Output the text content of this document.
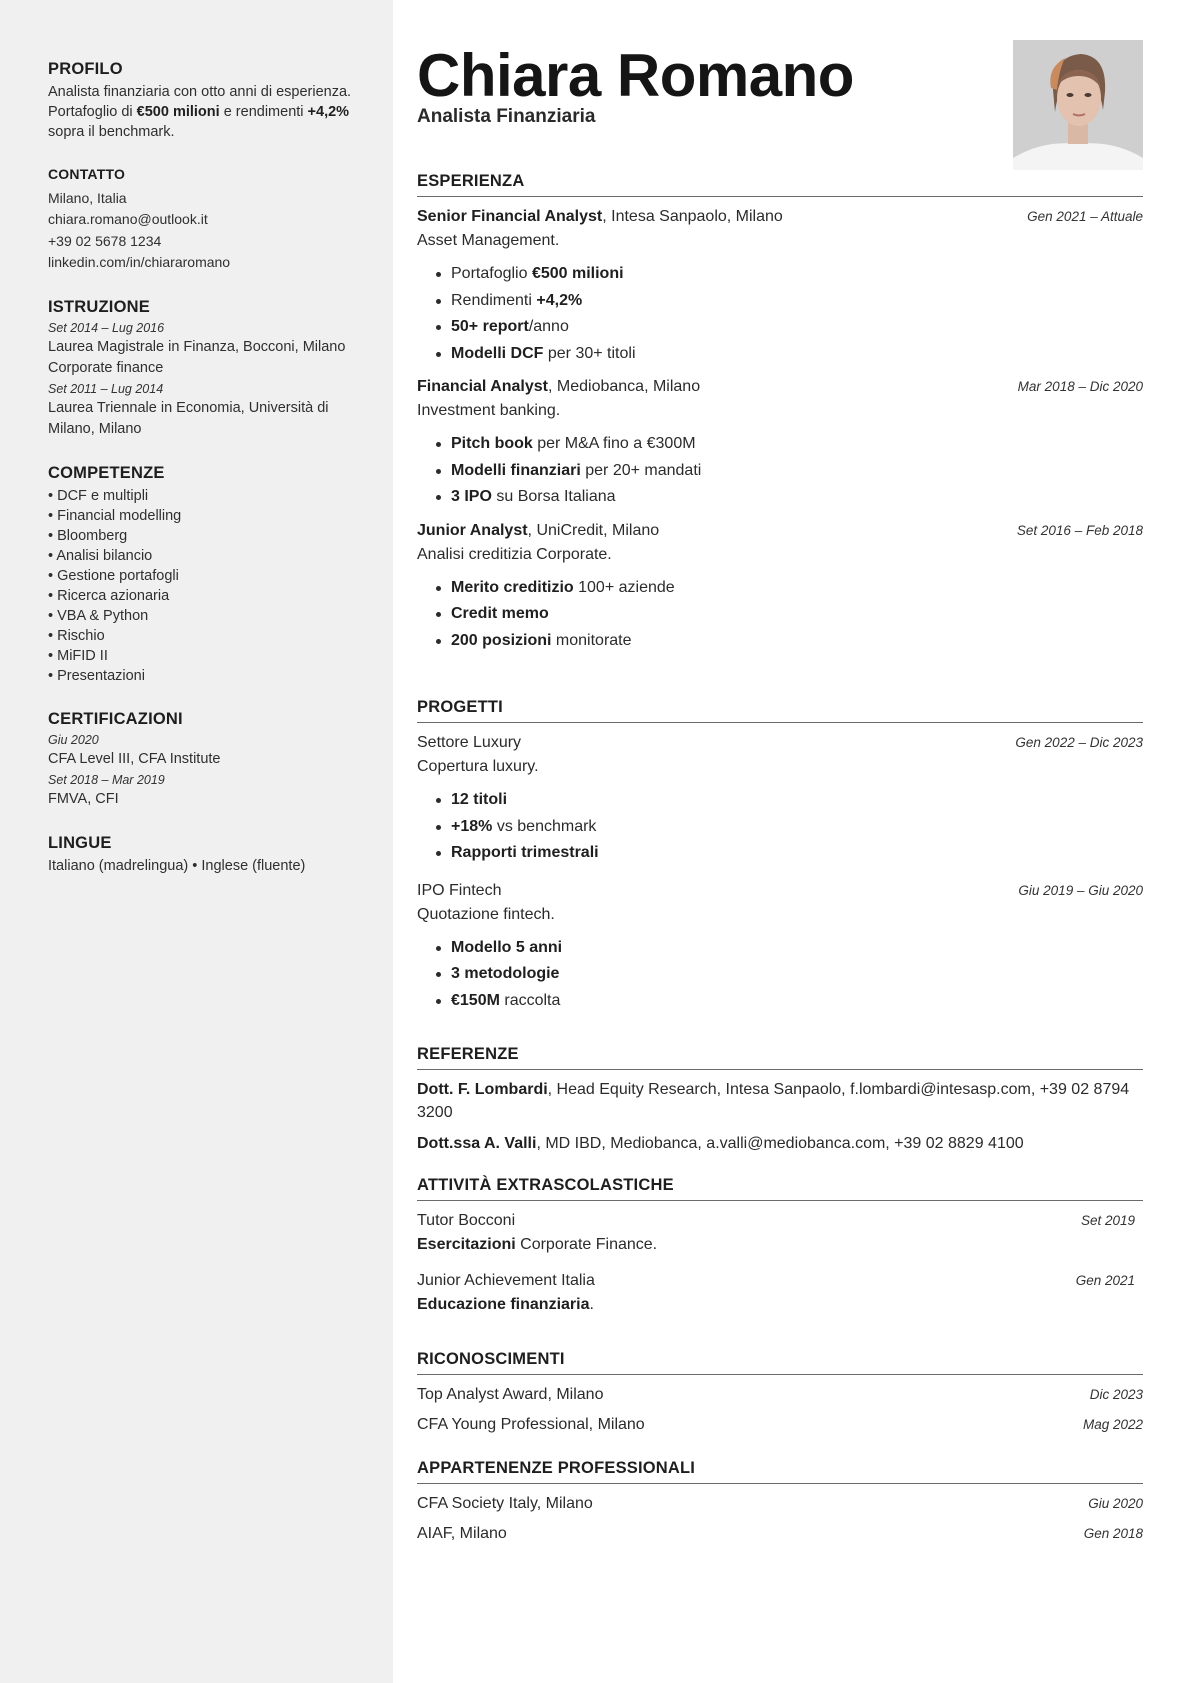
PROFILO
Analista finanziaria con otto anni di esperienza.
Portafoglio di €500 milioni e rendimenti +4,2%
sopra il benchmark.
CONTATTO
Milano, Italia
chiara.romano@outlook.it
+39 02 5678 1234
linkedin.com/in/chiararomano
ISTRUZIONE
Set 2014 – Lug 2016
Laurea Magistrale in Finanza, Bocconi, Milano
Corporate finance
Set 2011 – Lug 2014
Laurea Triennale in Economia, Università di
Milano, Milano
COMPETENZE
• DCF e multipli
• Financial modelling
• Bloomberg
• Analisi bilancio
• Gestione portafogli
• Ricerca azionaria
• VBA & Python
• Rischio
• MiFID II
• Presentazioni
CERTIFICAZIONI
Giu 2020
CFA Level III, CFA Institute
Set 2018 – Mar 2019
FMVA, CFI
LINGUE
Italiano (madrelingua) • Inglese (fluente)
Chiara Romano
Analista Finanziaria
ESPERIENZA
Senior Financial Analyst, Intesa Sanpaolo, Milano	Gen 2021 – Attuale
Asset Management.
Portafoglio €500 milioni
Rendimenti +4,2%
50+ report/anno
Modelli DCF per 30+ titoli
Financial Analyst, Mediobanca, Milano	Mar 2018 – Dic 2020
Investment banking.
Pitch book per M&A fino a €300M
Modelli finanziari per 20+ mandati
3 IPO su Borsa Italiana
Junior Analyst, UniCredit, Milano	Set 2016 – Feb 2018
Analisi creditizia Corporate.
Merito creditizio 100+ aziende
Credit memo
200 posizioni monitorate
PROGETTI
Settore Luxury	Gen 2022 – Dic 2023
Copertura luxury.
12 titoli
+18% vs benchmark
Rapporti trimestrali
IPO Fintech	Giu 2019 – Giu 2020
Quotazione fintech.
Modello 5 anni
3 metodologie
€150M raccolta
REFERENZE
Dott. F. Lombardi, Head Equity Research, Intesa Sanpaolo, f.lombardi@intesasp.com, +39 02 8794 3200
Dott.ssa A. Valli, MD IBD, Mediobanca, a.valli@mediobanca.com, +39 02 8829 4100
ATTIVITÀ EXTRASCOLASTICHE
Tutor Bocconi	Set 2019
Esercitazioni Corporate Finance.
Junior Achievement Italia	Gen 2021
Educazione finanziaria.
RICONOSCIMENTI
Top Analyst Award, Milano	Dic 2023
CFA Young Professional, Milano	Mag 2022
APPARTENENZE PROFESSIONALI
CFA Society Italy, Milano	Giu 2020
AIAF, Milano	Gen 2018
